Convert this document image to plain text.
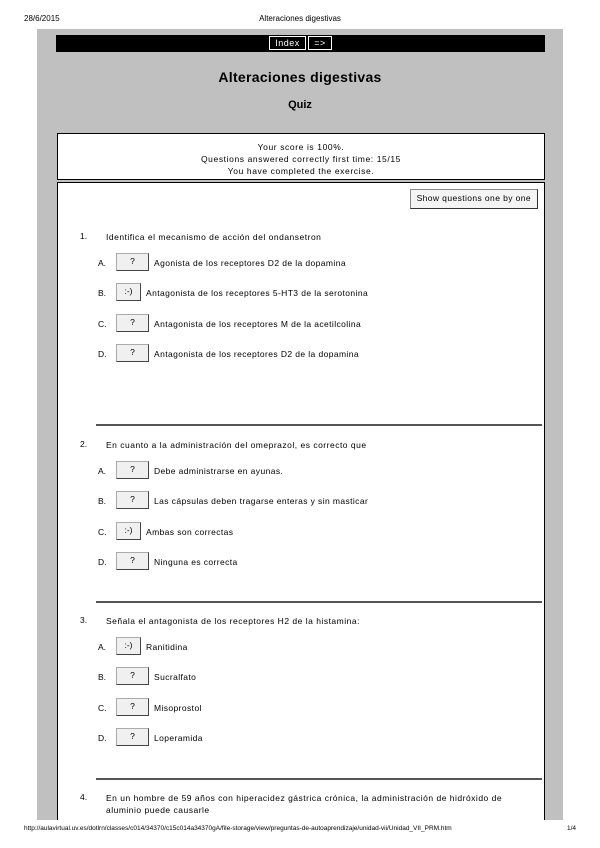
28/6/2015	Alteraciones digestivas
Index =>
Alteraciones digestivas
Quiz
Your score is 100%.
Questions answered correctly first time: 15/15
You have completed the exercise.
Show questions one by one
1. Identifica el mecanismo de acción del ondansetron
A.	?	Agonista de los receptores D2 de la dopamina
B.	:-)	Antagonista de los receptores 5-HT3 de la serotonina
C.	?	Antagonista de los receptores M de la acetilcolina
D.	?	Antagonista de los receptores D2 de la dopamina
2. En cuanto a la administración del omeprazol, es correcto que
A.	?	Debe administrarse en ayunas.
B.	?	Las cápsulas deben tragarse enteras y sin masticar
C.	:-)	Ambas son correctas
D.	?	Ninguna es correcta
3. Señala el antagonista de los receptores H2 de la histamina:
A.	:-)	Ranitidina
B.	?	Sucralfato
C.	?	Misoprostol
D.	?	Loperamida
4. En un hombre de 59 años con hiperacidez gástrica crónica, la administración de hidróxido de aluminio puede causarle
http://aulavirtual.uv.es/dotlrn/classes/c014/34370/c15c014a34370gA/file-storage/view/preguntas-de-autoaprendizaje/unidad-vii/Unidad_VII_PRM.htm	1/4
